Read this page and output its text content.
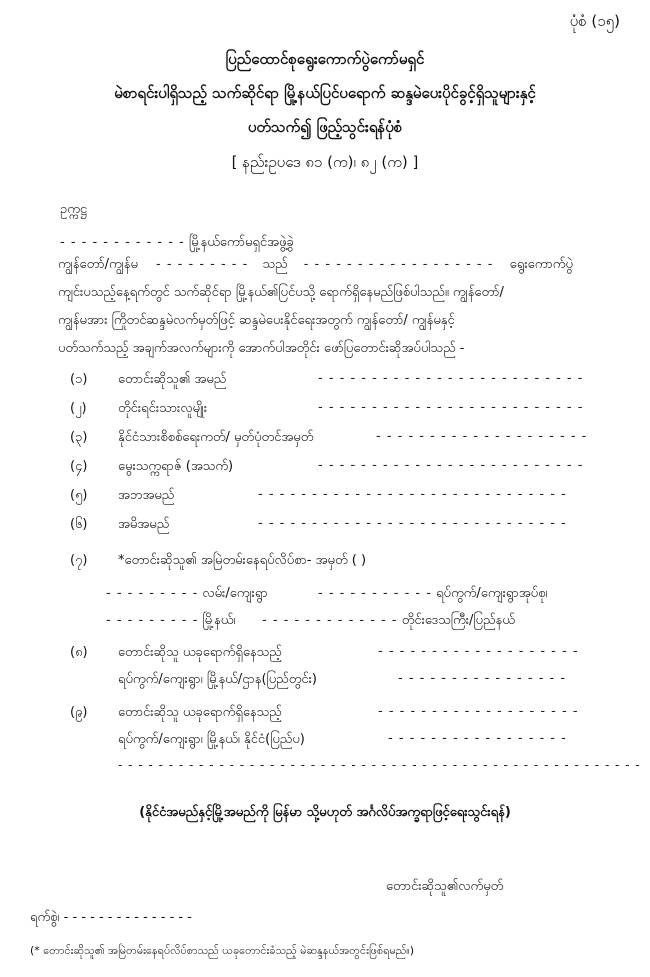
ပုံစံ (၁၅)
ပြည်ထောင်စုရွေးကောက်ပွဲကော်မရှင်
မဲစာရင်းပါရှိသည့် သက်ဆိုင်ရာ မြို့နယ်ပြင်ပရောက် ဆန္ဒမဲပေးပိုင်ခွင့်ရှိသူများနှင့်
ပတ်သက်၍ ဖြည့်သွင်းရန်ပုံစံ
[ နည်းဥပဒေ ၈၁ (က)၊ ၈၂ (က) ]
ဥက္ကဋ္ဌ
- - - - - - - - - - - - မြို့နယ်ကော်မရှင်အဖွဲ့ခွဲ
ကျွန်တော်/ကျွန်မ - - - - - - - - - သည် - - - - - - - - - - - - - - - - - - ရွေးကောက်ပွဲ
ကျင်းပသည့်နေ့ရက်တွင် သက်ဆိုင်ရာ မြို့နယ်၏ပြင်ပသို့ ရောက်ရှိနေမည်ဖြစ်ပါသည်။ ကျွန်တော်/
ကျွန်မအား ကြိုတင်ဆန္ဒမဲလက်မှတ်ဖြင့် ဆန္ဒမဲပေးနိုင်ရေးအတွက် ကျွန်တော်/ ကျွန်မနှင့်
ပတ်သက်သည့် အချက်အလက်များကို အောက်ပါအတိုင်း ဖော်ပြတောင်းဆိုအပ်ပါသည် -
(၁) တောင်းဆိုသူ၏ အမည်	- - - - - - - - - - - - - - - - - - - - - - - - -
(၂) တိုင်းရင်းသားလူမျိုး	- - - - - - - - - - - - - - - - - - - - - - - - -
(၃) နိုင်ငံသားစိစစ်ရေးကတ်/ မှတ်ပုံတင်အမှတ်	- - - - - - - - - - - - - - - - - - - -
(၄) မွေးသက္ကရာဇ် (အသက်)	- - - - - - - - - - - - - - - - - - - - - - - - -
(၅) အဘအမည်	- - - - - - - - - - - - - - - - - - - - - - - - - - - - -
(၆) အမိအမည်	- - - - - - - - - - - - - - - - - - - - - - - - - - - - -
(၇) *တောင်းဆိုသူ၏ အမြဲတမ်းနေရပ်လိပ်စာ- အမှတ် ( )
- - - - - - - - - လမ်း/ကျေးရွာ	- - - - - - - - - - - ရပ်ကွက်/ကျေးရွာအုပ်စု၊
- - - - - - - - - မြို့နယ်၊ - - - - - - - - - - - - - တိုင်းဒေသကြီး/ပြည်နယ်
(၈) တောင်းဆိုသူ ယခုရောက်ရှိနေသည့်	- - - - - - - - - - - - - - - - - - -
ရပ်ကွက်/ကျေးရွာ၊ မြို့နယ်/ဌာန(ပြည်တွင်း)	- - - - - - - - - - - - - - - -
(၉) တောင်းဆိုသူ ယခုရောက်ရှိနေသည့်	- - - - - - - - - - - - - - - - - - -
ရပ်ကွက်/ကျေးရွာ၊ မြို့နယ်၊ နိုင်ငံ(ပြည်ပ)	- - - - - - - - - - - - - - - - -
- - - - - - - - - - - - - - - - - - - - - - - - - - - - - - - - - - - - - - - - - - - - - - - - - - - -
(နိုင်ငံအမည်နှင့်မြို့အမည်ကို မြန်မာ သို့မဟုတ် အင်္ဂလိပ်အက္ခရာဖြင့်ရေးသွင်းရန်)
တောင်းဆိုသူ၏လက်မှတ်
ရက်စွဲ၊ - - - - - - - - - - - - - - -
(* တောင်းဆိုသူ၏ အမြဲတမ်းနေရပ်လိပ်စာသည် ယခုတောင်းခံသည့် မဲဆန္ဒနယ်အတွင်းဖြစ်ရမည်။)
